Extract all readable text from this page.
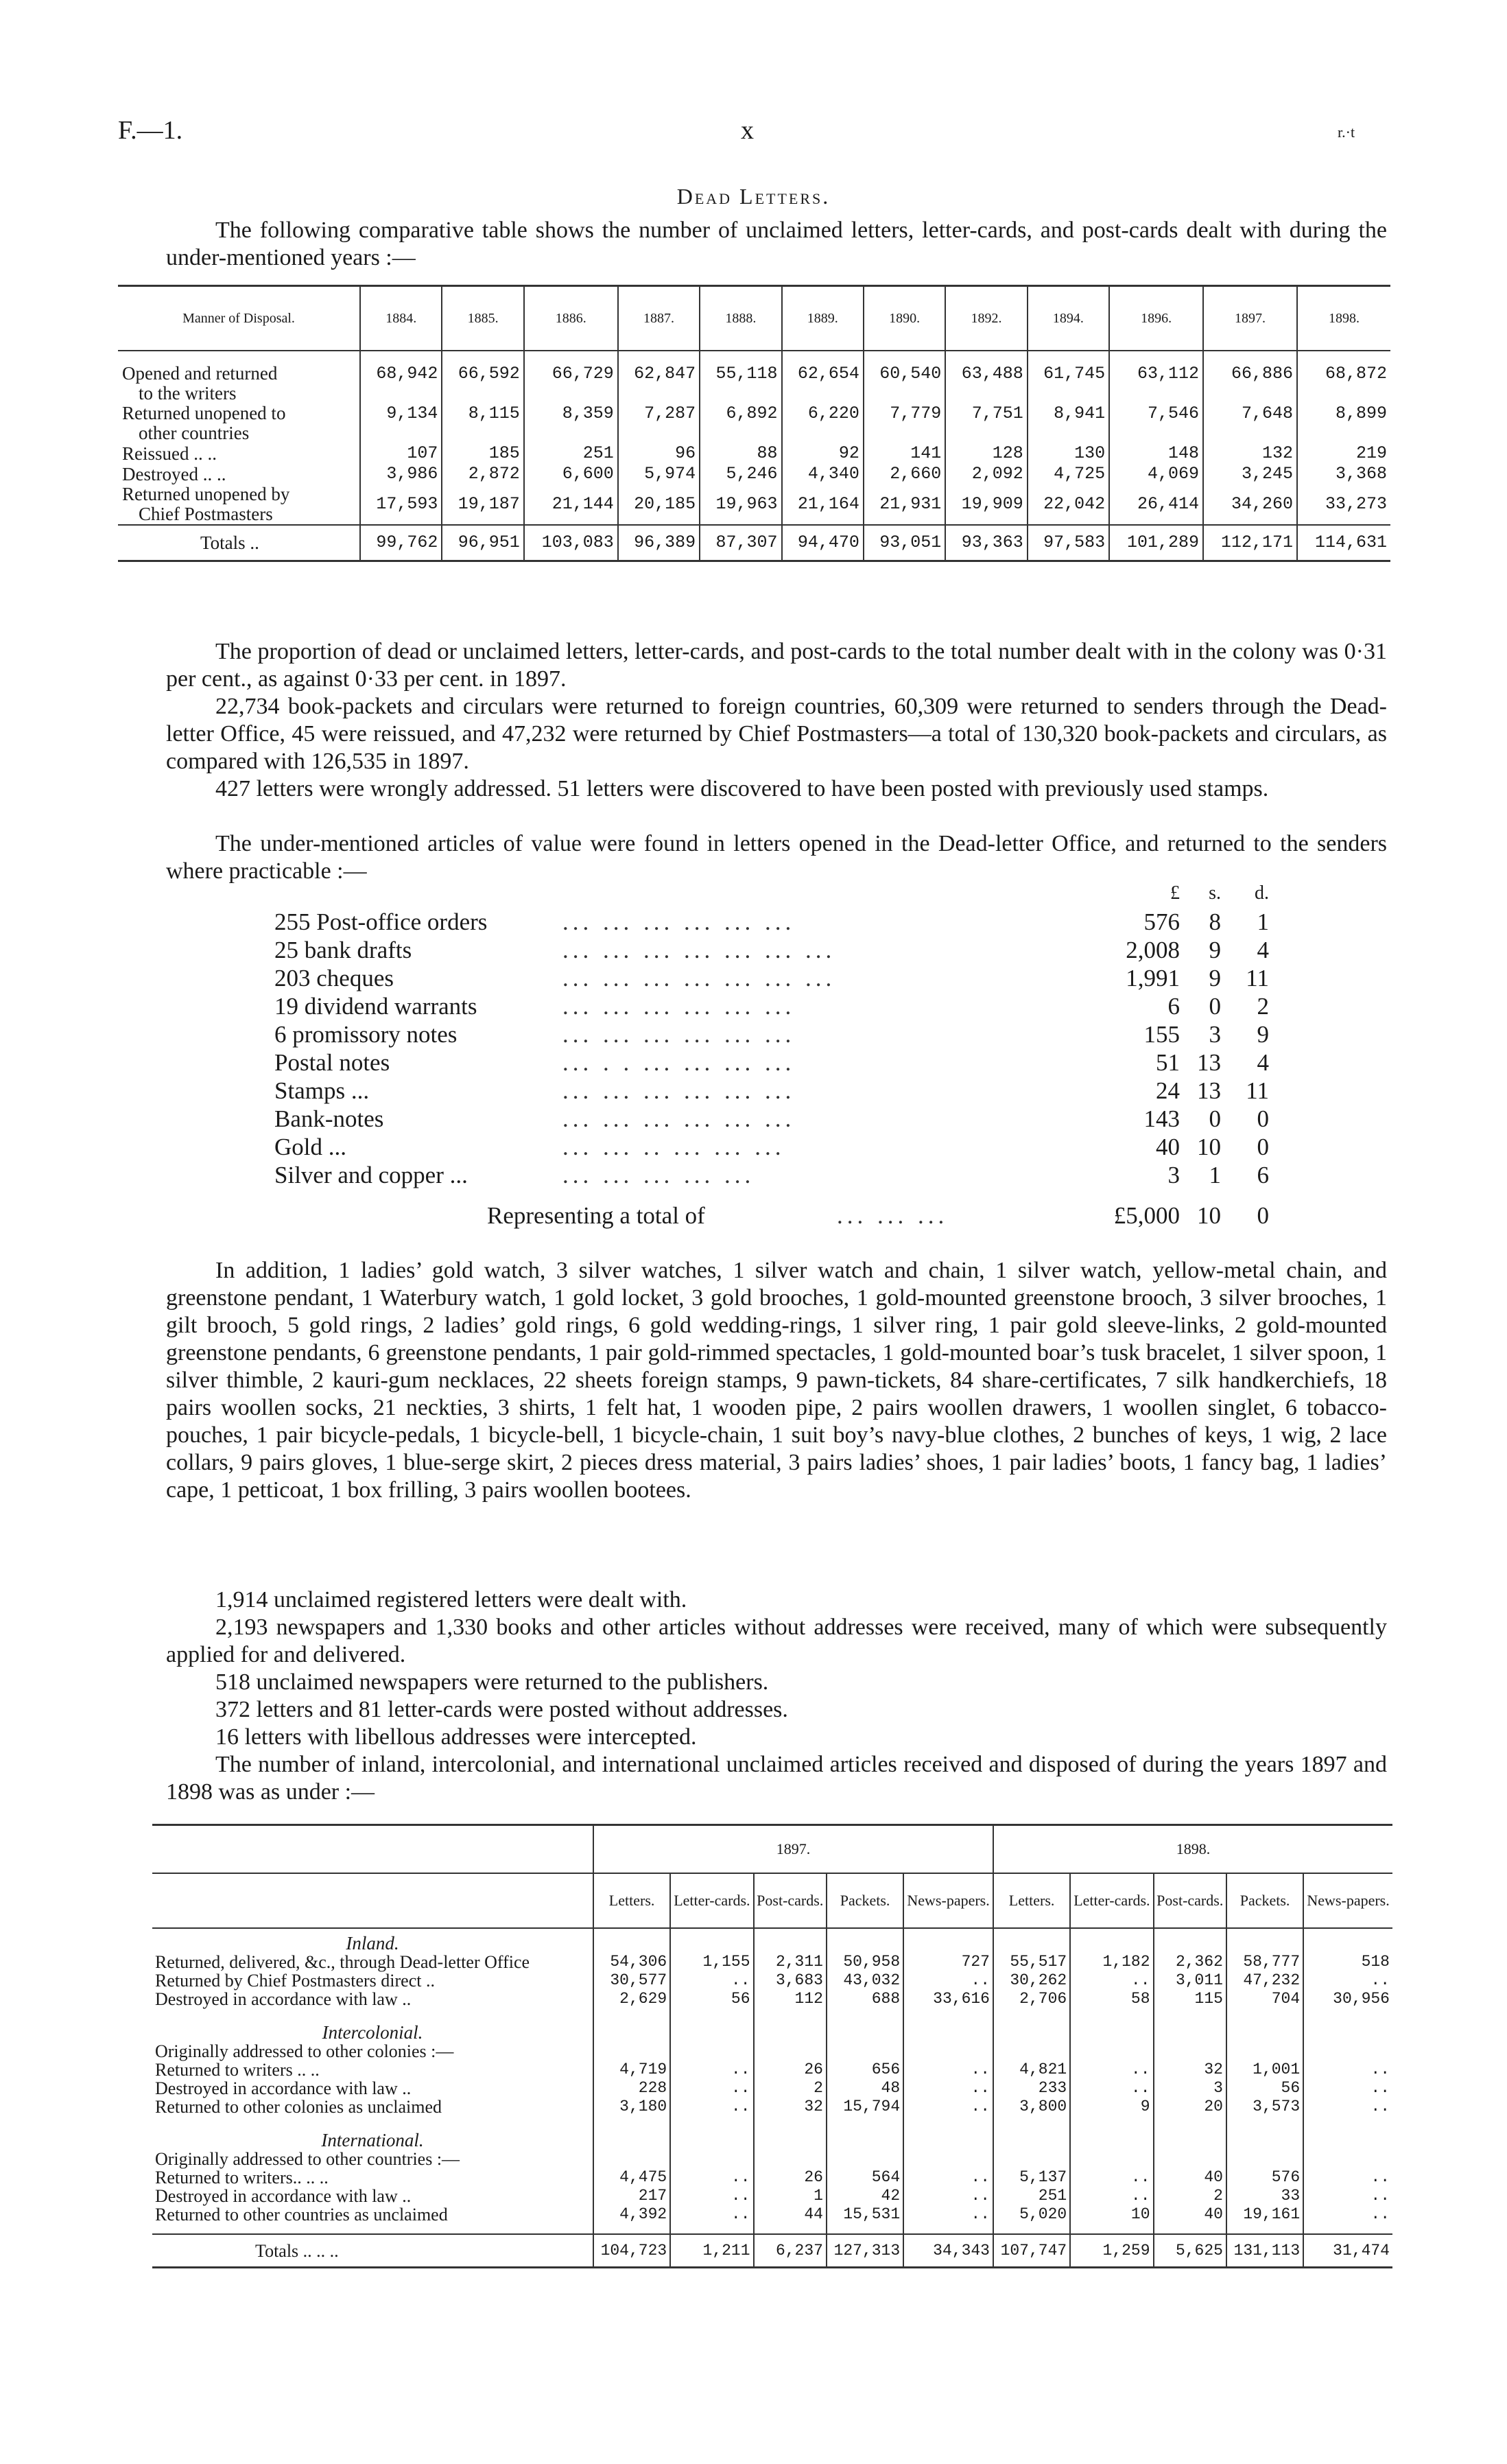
F.—1.	x	r.·t
Dead Letters.

The following comparative table shows the number of unclaimed letters, letter-cards, and post-cards dealt with during the under-mentioned years :—

Manner of Disposal.	1884.	1885.	1886.	1887.	1888.	1889.	1890.	1892.	1894.	1896.	1897.	1898.

Opened and returned
to the writers	68,942	66,592	66,729	62,847	55,118	62,654	60,540	63,488	61,745	63,112	66,886	68,872
Returned unopened to
other countries	9,134	8,115	8,359	7,287	6,892	6,220	7,779	7,751	8,941	7,546	7,648	8,899
Reissued .. ..	107	185	251	96	88	92	141	128	130	148	132	219
Destroyed .. ..	3,986	2,872	6,600	5,974	5,246	4,340	2,660	2,092	4,725	4,069	3,245	3,368
Returned unopened by
Chief Postmasters	17,593	19,187	21,144	20,185	19,963	21,164	21,931	19,909	22,042	26,414	34,260	33,273
Totals ..	99,762	96,951	103,083	96,389	87,307	94,470	93,051	93,363	97,583	101,289	112,171	114,631

The proportion of dead or unclaimed letters, letter-cards, and post-cards to the total number dealt with in the colony was 0·31 per cent., as against 0·33 per cent. in 1897.

22,734 book-packets and circulars were returned to foreign countries, 60,309 were returned to senders through the Dead-letter Office, 45 were reissued, and 47,232 were returned by Chief Postmasters—a total of 130,320 book-packets and circulars, as compared with 126,535 in 1897.

427 letters were wrongly addressed. 51 letters were discovered to have been posted with previously used stamps.

The under-mentioned articles of value were found in letters opened in the Dead-letter Office, and returned to the senders where practicable :—

£	s.	d.
255 Post-office orders	... ... ... ... ... ...	576	8	1
25 bank drafts	... ... ... ... ... ... ...	2,008	9	4
203 cheques	... ... ... ... ... ... ...	1,991	9	11
19 dividend warrants	... ... ... ... ... ...	6	0	2
6 promissory notes	... ... ... ... ... ...	155	3	9
Postal notes	... . . ... ... ... ...	51 13	4
Stamps ...	... ... ... ... ... ...	24 13	11
Bank-notes	... ... ... ... ... ...	143	0	0
Gold ...	... ... .. ... ... ...	40 10	0
Silver and copper ...	... ... ... ... ...	3	1	6
Representing a total of	... ... ...	£5,000 10	0

In addition, 1 ladies’ gold watch, 3 silver watches, 1 silver watch and chain, 1 silver watch, yellow-metal chain, and greenstone pendant, 1 Waterbury watch, 1 gold locket, 3 gold brooches, 1 gold-mounted greenstone brooch, 3 silver brooches, 1 gilt brooch, 5 gold rings, 2 ladies’ gold rings, 6 gold wedding-rings, 1 silver ring, 1 pair gold sleeve-links, 2 gold-mounted greenstone pendants, 6 greenstone pendants, 1 pair gold-rimmed spectacles, 1 gold-mounted boar’s tusk bracelet, 1 silver spoon, 1 silver thimble, 2 kauri-gum necklaces, 22 sheets foreign stamps, 9 pawn-tickets, 84 share-certificates, 7 silk handkerchiefs, 18 pairs woollen socks, 21 neckties, 3 shirts, 1 felt hat, 1 wooden pipe, 2 pairs woollen drawers, 1 woollen singlet, 6 tobacco-pouches, 1 pair bicycle-pedals, 1 bicycle-bell, 1 bicycle-chain, 1 suit boy’s navy-blue clothes, 2 bunches of keys, 1 wig, 2 lace collars, 9 pairs gloves, 1 blue-serge skirt, 2 pieces dress material, 3 pairs ladies’ shoes, 1 pair ladies’ boots, 1 fancy bag, 1 ladies’ cape, 1 petticoat, 1 box frilling, 3 pairs woollen bootees.

1,914 unclaimed registered letters were dealt with.

2,193 newspapers and 1,330 books and other articles without addresses were received, many of which were subsequently applied for and delivered.

518 unclaimed newspapers were returned to the publishers.

372 letters and 81 letter-cards were posted without addresses.

16 letters with libellous addresses were intercepted.

The number of inland, intercolonial, and international unclaimed articles received and disposed of during the years 1897 and 1898 was as under :—

	1897.					1898.				
	Letters.	Letter-cards.	Post-cards.	Packets.	News-papers.	Letters.	Letter-cards.	Post-cards.	Packets.	News-papers.

Inland.										
Returned, delivered, &c., through Dead-letter Office	54,306	1,155	2,311	50,958	727	55,517	1,182	2,362	58,777	518
Returned by Chief Postmasters direct ..	30,577	..	3,683	43,032	..	30,262	..	3,011	47,232	..
Destroyed in accordance with law ..	2,629	56	112	688	33,616	2,706	58	115	704	30,956

Intercolonial.										
Originally addressed to other colonies :—										
Returned to writers .. ..	4,719	..	26	656	..	4,821	..	32	1,001	..
Destroyed in accordance with law ..	228	..	2	48	..	233	..	3	56	..
Returned to other colonies as unclaimed	3,180	..	32	15,794	..	3,800	9	20	3,573	..

International.										
Originally addressed to other countries :—										
Returned to writers.. .. ..	4,475	..	26	564	..	5,137	..	40	576	..
Destroyed in accordance with law ..	217	..	1	42	..	251	..	2	33	..
Returned to other countries as unclaimed	4,392	..	44	15,531	..	5,020	10	40	19,161	..

Totals .. .. ..	104,723	1,211	6,237	127,313	34,343	107,747	1,259	5,625	131,113	31,474
